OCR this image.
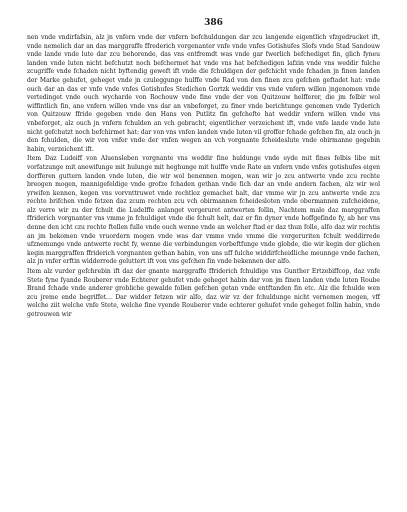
386

nen vnde vndirfafsin, alz jn vnfern vnde der vnfern befchuldungen dar zcu langende eigentlich vfzgedrucket ift, vnde nemelich dar an das marggraffe ffrederich vorgenanter vnfe vnde vnfes Gotishufes Slofs vnde Stad Sandouw vnde lande vnde lute dar zcu behorende, das vns entfremdt was vnde gar fwerlich befchediget fin, glich fyneu landen vnde luten nicht befchutzt noch befchermet hat vnde vns hat befchedigen lafzin vnde vns weddir fulche zcugriffe vnde fchaden nicht byftendig geweft ift vnde die fchuldigen der gefchicht vnde fchaden jn finen landen der Marke gehufet, geheget vnde jn czuleggunge hulffe vnde Rad von den finen zcu gefchen geftadet hat: vnde ouch dar an das er vnfe vnde vnfes Gotishufes Stedichen Gortzk weddir vns vnde vnfern willen jngenomen vnde vertedinget vnde ouch wycharde von Rochouw vnde fine vnde der von Quitzouw helfferer, die jm felbir wol wiffintlich fin, ane vnfern willen vnde vns dar an vnbeforget, zu finer vnde berichtunge genomen vnde Tyderich von Quitzouw ffride gegeben vnde den Hans von Putlitz fin gefchefte hat weddir vnfern willen vnde vns vnbeforget, alz ouch jn vnfern fchulden an vch gebracht, eigentlicher verzeichent ift, vnde vnfe lande vnde lute nicht gefchutzt noch befchirmet hat: dar von vns vnfen landen vnde luten vil groffer fchade gefchen fin, alz ouch jn den fchulden, die wir von vnfer vnde der vnfen wegen an vch vorgnante fcheideslute vnde obirmanne gegebin habin, verzeichent ift.

Item Daz Ludeiff von Aluensleben vorgnante vns weddir fine huldunge vnde eyde mit fines felbis libe mit vorfatzunge mit anewifunge mit hulunge mit heghunge mit hulffe vnde Rate an vnfern vnde vnfes gotishufes eigen dorfferen guttern landen vnde luten, die wir wol benennen mogen, wan wir jo zcu antwerte vnde zcu rechte breogen mogen, mannigefeldige vnde grofze fchaden gethan vnde fich dar an vnde andern fachen, alz wir wol yrwifen kennen, kegen vns vorvnttruwet vnde rechtloz gemachet halt, dar vmme wir jn zcu antwerte vnde zcu rechte brifchen vnde fetzen daz zcum rechten zcu vch obirmannen fcheidesloten vnde obermannen zufcheidene, alz verre wir zu der fchult die Ludelffe anlanget vorgeruret antwerten follin, Nachtem male daz marggraffen ffriderich vorgnanter vns vmme jn fchuldiget vnde die fchult helt, daz er fin dyner vnde hoffgefinde fy, ab her vns denne den icht czu rechte ftellen fulle vnde ouch wenne vnde an welcher ftad er daz thun folle, alfo daz wir rechtis an jm bekomen vnde vruordern mogen vnde was dar vmme vnde vmme die vorgeruriten fchult weddirrede ufznemunge vnde antwerte recht fy, wenne die verbindungen vorbeftfunge vnde globde, die wir kegin der glichen kegin marggraffen ffriderich vorgnanten gethan habin, von uns uff fulche widdirfcheidliche meunnge vnde fachen, alz jn vnfer erftin widderrede geluttert ift von vns gefchen fin vnde bekennen der alfo.

Item alz vurder gefchrebin ift daz der gnante marggraffe ffriderich fchuldige vns Gunther Ertzebiffcop, daz vnfe Stete fyne fyande Rouberer vnde Echterer gehufet vnde geheget habin dar von jm finen landen vnde luten Roube Brand fchade vnde anderer grobliche gewalde follen gefchen getan vnde entftanden fin etc. Alz die fchulde wen zcu jreme ende begriffet… Dar widder fetzen wir alfo, daz wir vz der fchuldunge nicht vernemen mogen, vff welche ziit welche vnfe Stete, welche fine vyende Rouberer vnde echterer gehufet vnde geheget follin habin, vnde getrouwen wir
